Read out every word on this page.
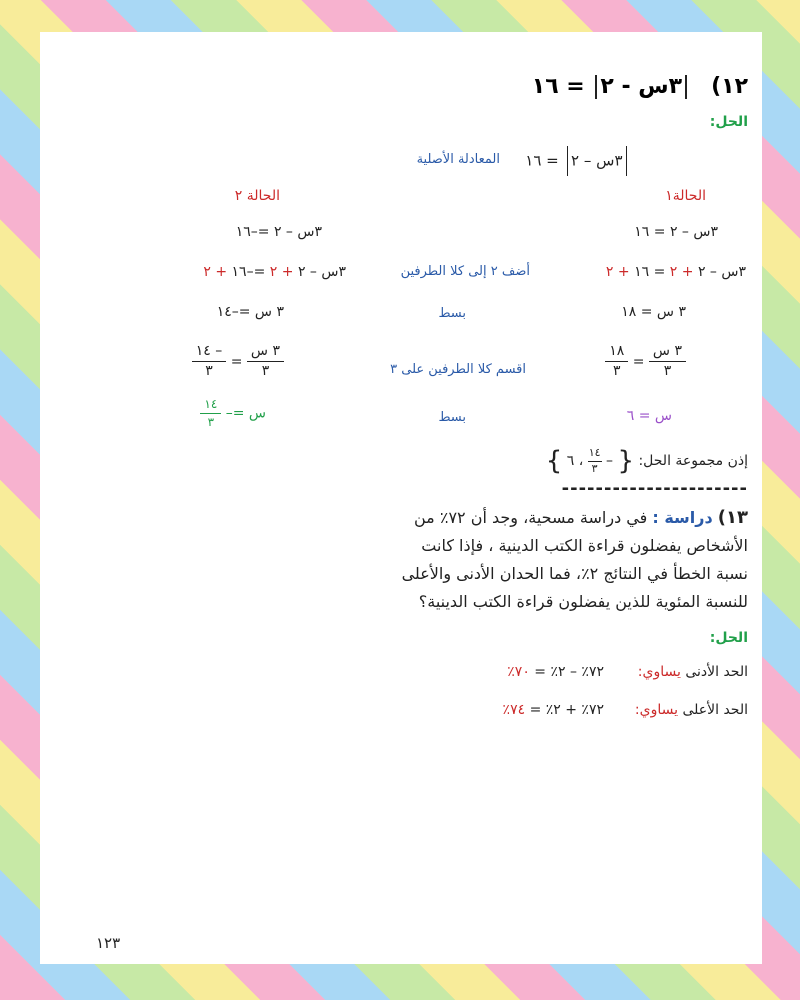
١٢) ٣س - ٢ = ١٦
الحل:
٣س – ٢ = ١٦
المعادلة الأصلية
الحالة١
الحالة ٢
٣س – ٢ = ١٦
٣س – ٢ =–١٦
٣س – ٢ + ٢ = ١٦ + ٢
أضف ٢ إلى كلا الطرفين
٣س – ٢ + ٢ =–١٦ + ٢
٣ س = ١٨
بسط
٣ س =–١٤
$\frac{\text{٣ س}}{٣}$
=
$\frac{١٨}{٣}$
اقسم كلا الطرفين على ٣
$\frac{\text{٣ س}}{٣}$
=
$\frac{- ١٤}{٣}$
س = ٦
بسط
س =–
$\frac{١٤}{٣}$
إذن مجموعة الحل: { –
$\frac{١٤}{٣}$
، ٦ }
----------------------
١٣) دراسة : في دراسة مسحية، وجد أن ٧٢٪ من
الأشخاص يفضلون قراءة الكتب الدينية ، فإذا كانت
نسبة الخطأ في النتائج ٢٪، فما الحدان الأدنى والأعلى
للنسبة المئوية للذين يفضلون قراءة الكتب الدينية؟
الحل:
الحد الأدنى يساوي:
٧٢٪ – ٢٪ = ٧٠٪
الحد الأعلى يساوي:
٧٢٪ + ٢٪ = ٧٤٪
١٢٣
